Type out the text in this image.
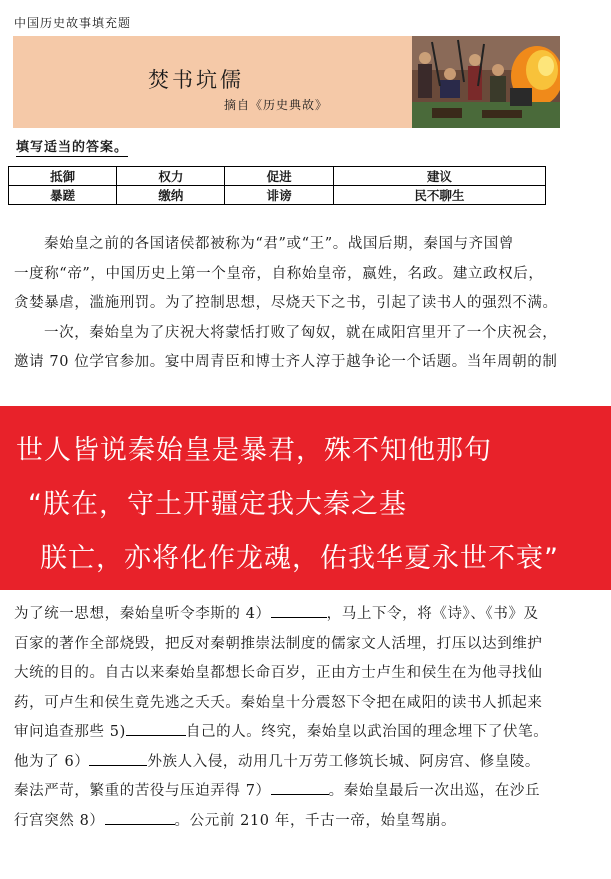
中国历史故事填充题
焚书坑儒
摘自《历史典故》
填写适当的答案。
抵御	权力	促进	建议
暴蹉	缴纳	诽谤	民不聊生
秦始皇之前的各国诸侯都被称为“君”或“王”。战国后期，秦国与齐国曾
一度称“帝”，中国历史上第一个皇帝，自称始皇帝，嬴姓，名政。建立政权后，
贪婪暴虐，滥施刑罚。为了控制思想，尽烧天下之书，引起了读书人的强烈不满。
一次，秦始皇为了庆祝大将蒙恬打败了匈奴，就在咸阳宫里开了一个庆祝会，
邀请 70 位学官参加。宴中周青臣和博士齐人淳于越争论一个话题。当年周朝的制
世人皆说秦始皇是暴君，殊不知他那句
“朕在，守土开疆定我大秦之基
朕亡，亦将化作龙魂，佑我华夏永世不衰”
为了统一思想，秦始皇听令李斯的 4）	，马上下令，将《诗》、《书》及
百家的著作全部烧毁，把反对秦朝推崇法制度的儒家文人活埋，打压以达到维护
大统的目的。自古以来秦始皇都想长命百岁，正由方士卢生和侯生在为他寻找仙
药，可卢生和侯生竟先逃之夭夭。秦始皇十分震怒下令把在咸阳的读书人抓起来
审问追查那些 5)	自己的人。终究，秦始皇以武治国的理念埋下了伏笔。
他为了 6）	外族人入侵，动用几十万劳工修筑长城、阿房宫、修皇陵。
秦法严苛，繁重的苦役与压迫弄得 7）	。秦始皇最后一次出巡，在沙丘
行宫突然 8）	。公元前 210 年，千古一帝，始皇驾崩。
